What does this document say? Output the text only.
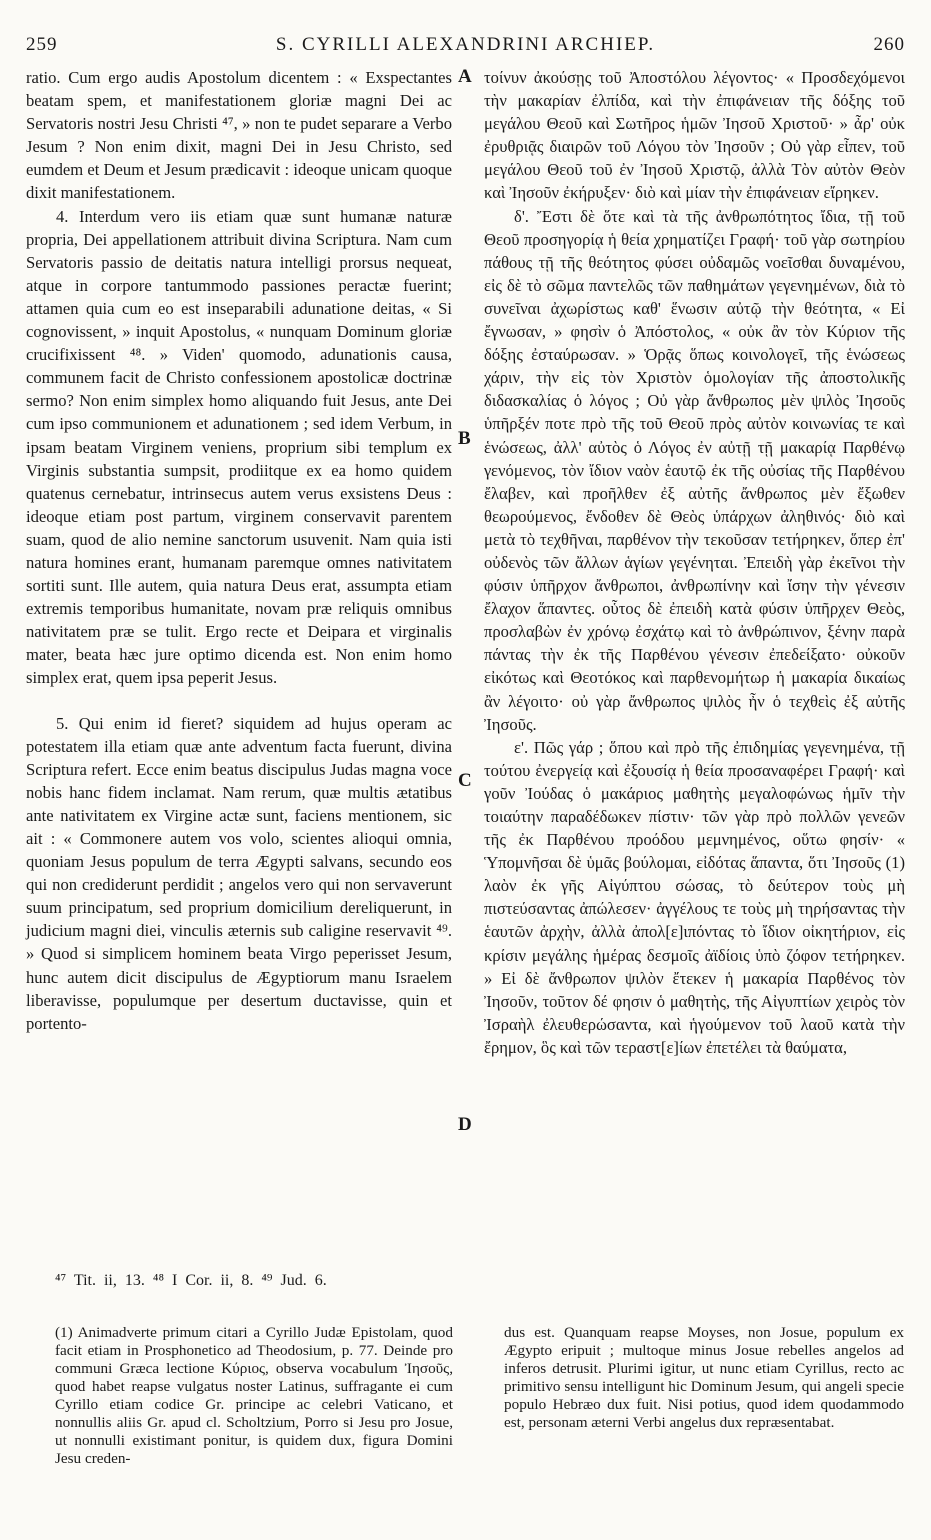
259	S. CYRILLI ALEXANDRINI ARCHIEP.	260

ratio. Cum ergo audis Apostolum dicentem : « Exspectantes beatam spem, et manifestationem gloriæ magni Dei ac Servatoris nostri Jesu Christi ⁴⁷, » non te pudet separare a Verbo Jesum ? Non enim dixit, magni Dei in Jesu Christo, sed eumdem et Deum et Jesum prædicavit : ideoque unicam quoque dixit manifestationem.

4. Interdum vero iis etiam quæ sunt humanæ naturæ propria, Dei appellationem attribuit divina Scriptura. Nam cum Servatoris passio de deitatis natura intelligi prorsus nequeat, atque in corpore tantummodo passiones peractæ fuerint; attamen quia cum eo est inseparabili adunatione deitas, « Si cognovissent, » inquit Apostolus, « nunquam Dominum gloriæ crucifixissent ⁴⁸. » Viden' quomodo, adunationis causa, communem facit de Christo confessionem apostolicæ doctrinæ sermo? Non enim simplex homo aliquando fuit Jesus, ante Dei cum ipso communionem et adunationem ; sed idem Verbum, in ipsam beatam Virginem veniens, proprium sibi templum ex Virginis substantia sumpsit, prodiitque ex ea homo quidem quatenus cernebatur, intrinsecus autem verus exsistens Deus : ideoque etiam post partum, virginem conservavit parentem suam, quod de alio nemine sanctorum usuvenit. Nam quia isti natura homines erant, humanam paremque omnes nativitatem sortiti sunt. Ille autem, quia natura Deus erat, assumpta etiam extremis temporibus humanitate, novam præ reliquis omnibus nativitatem præ se tulit. Ergo recte et Deipara et virginalis mater, beata hæc jure optimo dicenda est. Non enim homo simplex erat, quem ipsa peperit Jesus.

5. Qui enim id fieret? siquidem ad hujus operam ac potestatem illa etiam quæ ante adventum facta fuerunt, divina Scriptura refert. Ecce enim beatus discipulus Judas magna voce nobis hanc fidem inclamat. Nam rerum, quæ multis ætatibus ante nativitatem ex Virgine actæ sunt, faciens mentionem, sic ait : « Commonere autem vos volo, scientes alioqui omnia, quoniam Jesus populum de terra Ægypti salvans, secundo eos qui non crediderunt perdidit ; angelos vero qui non servaverunt suum principatum, sed proprium domicilium dereliquerunt, in judicium magni diei, vinculis æternis sub caligine reservavit ⁴⁹. » Quod si simplicem hominem beata Virgo peperisset Jesum, hunc autem dicit discipulus de Ægyptiorum manu Israelem liberavisse, populumque per desertum ductavisse, quin et portento-

A
B
C
D

τοίνυν ἀκούσῃς τοῦ Ἀποστόλου λέγοντος· « Προσδεχόμενοι τὴν μακαρίαν ἐλπίδα, καὶ τὴν ἐπιφάνειαν τῆς δόξης τοῦ μεγάλου Θεοῦ καὶ Σωτῆρος ἡμῶν Ἰησοῦ Χριστοῦ· » ἆρ' οὐκ ἐρυθριᾷς διαιρῶν τοῦ Λόγου τὸν Ἰησοῦν ; Οὐ γὰρ εἶπεν, τοῦ μεγάλου Θεοῦ τοῦ ἐν Ἰησοῦ Χριστῷ, ἀλλὰ Τὸν αὐτὸν Θεὸν καὶ Ἰησοῦν ἐκήρυξεν· διὸ καὶ μίαν τὴν ἐπιφάνειαν εἴρηκεν.

δ'. Ἔστι δὲ ὅτε καὶ τὰ τῆς ἀνθρωπότητος ἴδια, τῇ τοῦ Θεοῦ προσηγορίᾳ ἡ θεία χρηματίζει Γραφή· τοῦ γὰρ σωτηρίου πάθους τῇ τῆς θεότητος φύσει οὐδαμῶς νοεῖσθαι δυναμένου, εἰς δὲ τὸ σῶμα παντελῶς τῶν παθημάτων γεγενημένων, διὰ τὸ συνεῖναι ἀχωρίστως καθ' ἕνωσιν αὐτῷ τὴν θεότητα, « Εἰ ἔγνωσαν, » φησὶν ὁ Ἀπόστολος, « οὐκ ἂν τὸν Κύριον τῆς δόξης ἐσταύρωσαν. » Ὁρᾷς ὅπως κοινολογεῖ, τῆς ἑνώσεως χάριν, τὴν εἰς τὸν Χριστὸν ὁμολογίαν τῆς ἀποστολικῆς διδασκαλίας ὁ λόγος ; Οὐ γὰρ ἄνθρωπος μὲν ψιλὸς Ἰησοῦς ὑπῆρξέν ποτε πρὸ τῆς τοῦ Θεοῦ πρὸς αὐτὸν κοινωνίας τε καὶ ἑνώσεως, ἀλλ' αὐτὸς ὁ Λόγος ἐν αὐτῇ τῇ μακαρίᾳ Παρθένῳ γενόμενος, τὸν ἴδιον ναὸν ἑαυτῷ ἐκ τῆς οὐσίας τῆς Παρθένου ἔλαβεν, καὶ προῆλθεν ἐξ αὐτῆς ἄνθρωπος μὲν ἔξωθεν θεωρούμενος, ἔνδοθεν δὲ Θεὸς ὑπάρχων ἀληθινός· διὸ καὶ μετὰ τὸ τεχθῆναι, παρθένον τὴν τεκοῦσαν τετήρηκεν, ὅπερ ἐπ' οὐδενὸς τῶν ἄλλων ἁγίων γεγένηται. Ἐπειδὴ γὰρ ἐκεῖνοι τὴν φύσιν ὑπῆρχον ἄνθρωποι, ἀνθρωπίνην καὶ ἴσην τὴν γένεσιν ἔλαχον ἅπαντες. οὗτος δὲ ἐπειδὴ κατὰ φύσιν ὑπῆρχεν Θεὸς, προσλαβὼν ἐν χρόνῳ ἐσχάτῳ καὶ τὸ ἀνθρώπινον, ξένην παρὰ πάντας τὴν ἐκ τῆς Παρθένου γένεσιν ἐπεδείξατο· οὐκοῦν εἰκότως καὶ Θεοτόκος καὶ παρθενομήτωρ ἡ μακαρία δικαίως ἂν λέγοιτο· οὐ γὰρ ἄνθρωπος ψιλὸς ἦν ὁ τεχθεὶς ἐξ αὐτῆς Ἰησοῦς.

ε'. Πῶς γάρ ; ὅπου καὶ πρὸ τῆς ἐπιδημίας γεγενημένα, τῇ τούτου ἐνεργείᾳ καὶ ἐξουσίᾳ ἡ θεία προσαναφέρει Γραφή· καὶ γοῦν Ἰούδας ὁ μακάριος μαθητὴς μεγαλοφώνως ἡμῖν τὴν τοιαύτην παραδέδωκεν πίστιν· τῶν γὰρ πρὸ πολλῶν γενεῶν τῆς ἐκ Παρθένου προόδου μεμνημένος, οὕτω φησίν· « Ὑπομνῆσαι δὲ ὑμᾶς βούλομαι, εἰδότας ἅπαντα, ὅτι Ἰησοῦς (1) λαὸν ἐκ γῆς Αἰγύπτου σώσας, τὸ δεύτερον τοὺς μὴ πιστεύσαντας ἀπώλεσεν· ἀγγέλους τε τοὺς μὴ τηρήσαντας τὴν ἑαυτῶν ἀρχὴν, ἀλλὰ ἀπολ[ε]ιπόντας τὸ ἴδιον οἰκητήριον, εἰς κρίσιν μεγάλης ἡμέρας δεσμοῖς ἀϊδίοις ὑπὸ ζόφον τετήρηκεν. » Εἰ δὲ ἄνθρωπον ψιλὸν ἔτεκεν ἡ μακαρία Παρθένος τὸν Ἰησοῦν, τοῦτον δέ φησιν ὁ μαθητὴς, τῆς Αἰγυπτίων χειρὸς τὸν Ἰσραὴλ ἐλευθερώσαντα, καὶ ἡγούμενον τοῦ λαοῦ κατὰ τὴν ἔρημον, ὃς καὶ τῶν τεραστ[ε]ίων ἐπετέλει τὰ θαύματα,

⁴⁷ Tit. ii, 13. ⁴⁸ I Cor. ii, 8. ⁴⁹ Jud. 6.

(1) Animadverte primum citari a Cyrillo Judæ Epistolam, quod facit etiam in Prosphonetico ad Theodosium, p. 77. Deinde pro communi Græca lectione Κύριος, observa vocabulum Ἰησοῦς, quod habet reapse vulgatus noster Latinus, suffragante ei cum Cyrillo etiam codice Gr. principe ac celebri Vaticano, et nonnullis aliis Gr. apud cl. Scholtzium, Porro si Jesu pro Josue, ut nonnulli existimant ponitur, is quidem dux, figura Domini Jesu creden-

dus est. Quanquam reapse Moyses, non Josue, populum ex Ægypto eripuit ; multoque minus Josue rebelles angelos ad inferos detrusit. Plurimi igitur, ut nunc etiam Cyrillus, recto ac primitivo sensu intelligunt hic Dominum Jesum, qui angeli specie populo Hebræo dux fuit. Nisi potius, quod idem quodammodo est, personam æterni Verbi angelus dux repræsentabat.
